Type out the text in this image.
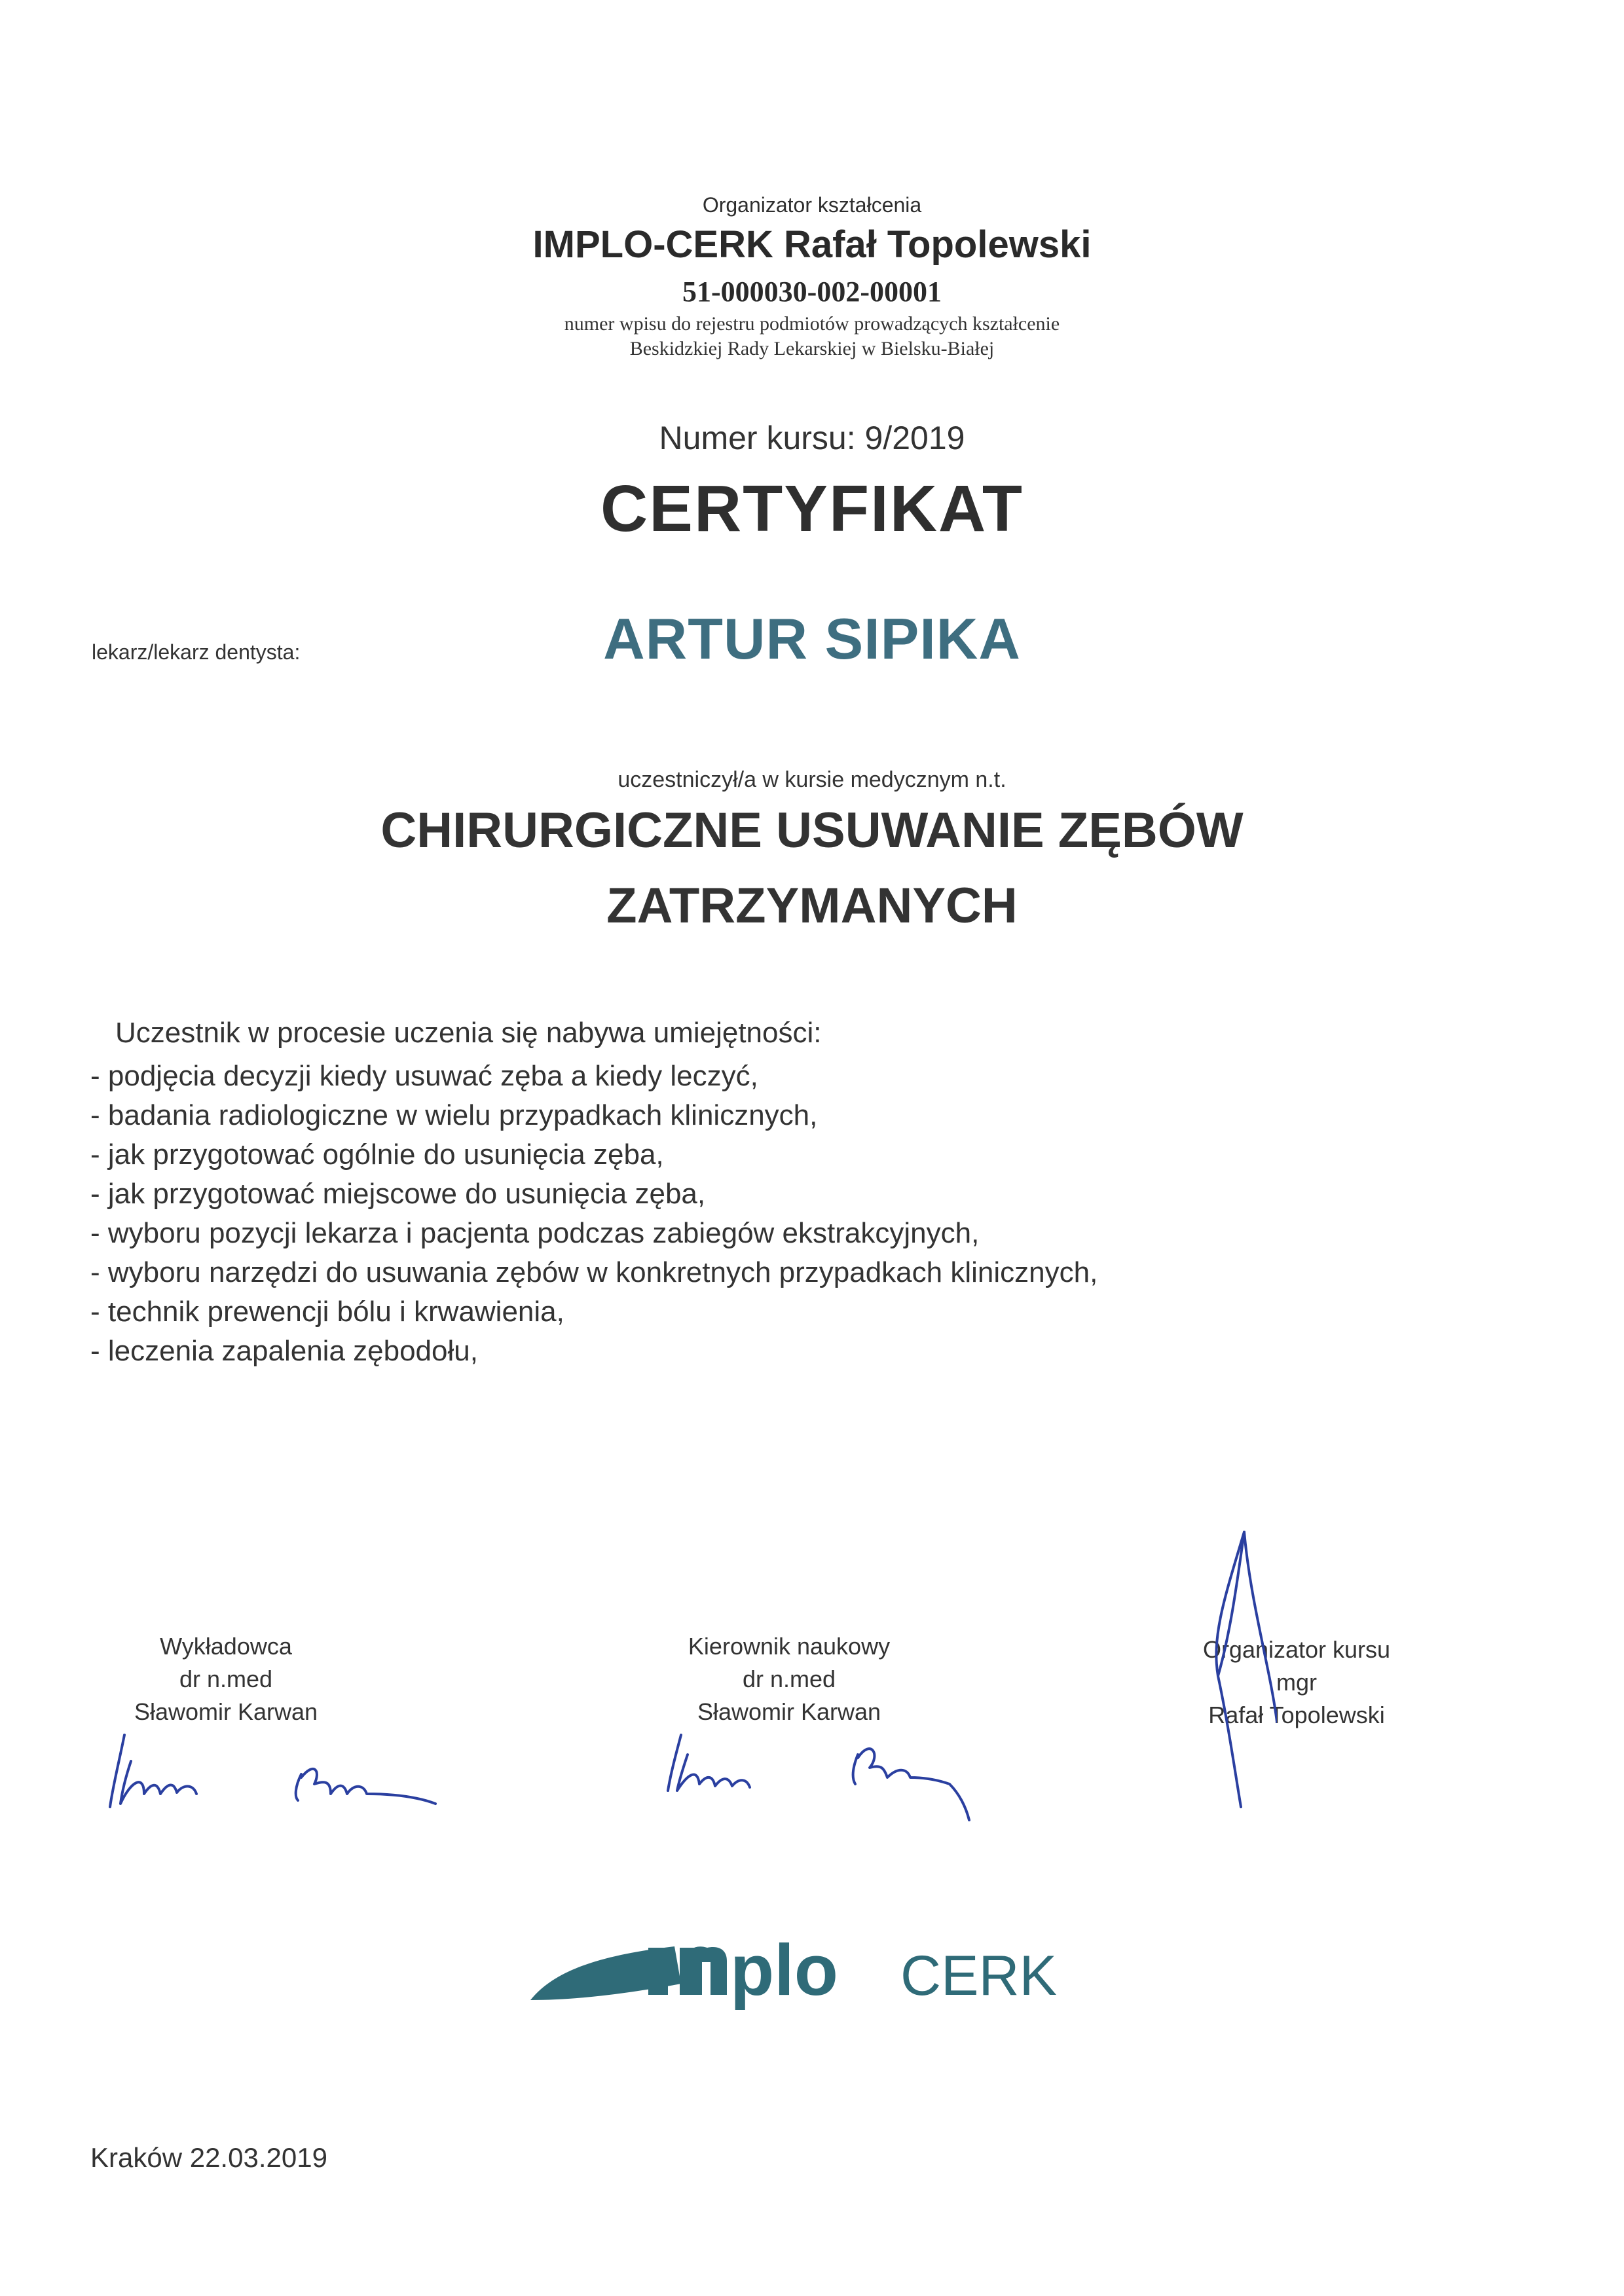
Organizator kształcenia
IMPLO-CERK Rafał Topolewski
51-000030-002-00001
numer wpisu do rejestru podmiotów prowadzących kształcenie
Beskidzkiej Rady Lekarskiej w Bielsku-Białej
Numer kursu: 9/2019
CERTYFIKAT
lekarz/lekarz dentysta:	ARTUR SIPIKA
uczestniczył/a w kursie medycznym n.t.
CHIRURGICZNE USUWANIE ZĘBÓW
ZATRZYMANYCH
Uczestnik w procesie uczenia się nabywa umiejętności:
- podjęcia decyzji kiedy usuwać zęba a kiedy leczyć,
- badania radiologiczne w wielu przypadkach klinicznych,
- jak przygotować ogólnie do usunięcia zęba,
- jak przygotować miejscowe do usunięcia zęba,
- wyboru pozycji lekarza i pacjenta podczas zabiegów ekstrakcyjnych,
- wyboru narzędzi do usuwania zębów w konkretnych przypadkach klinicznych,
- technik prewencji bólu i krwawienia,
- leczenia zapalenia zębodołu,
Wykładowca
dr n.med
Sławomir Karwan
Kierownik naukowy
dr n.med
Sławomir Karwan
Organizator kursu
mgr
Rafał Topolewski
plo CERK
Kraków 22.03.2019
